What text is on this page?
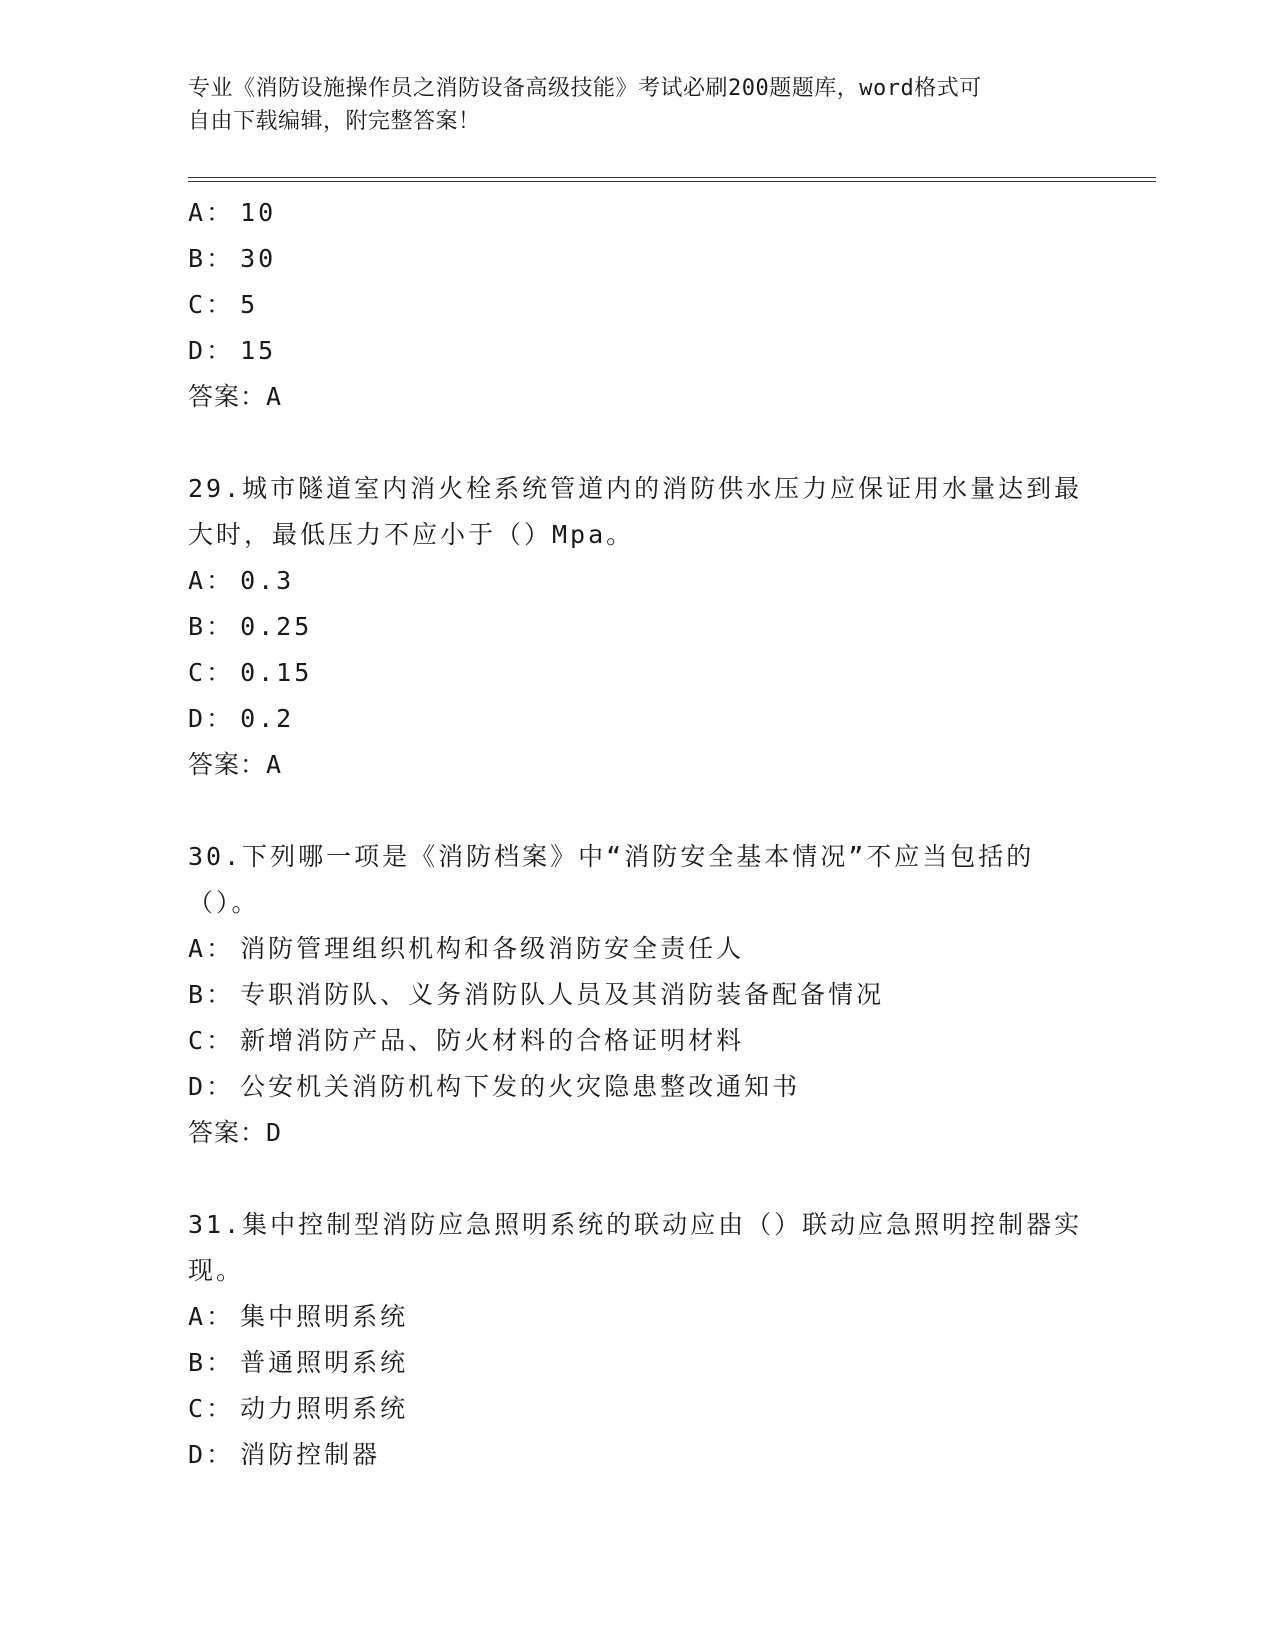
专业《消防设施操作员之消防设备高级技能》考试必刷200题题库，word格式可
自由下载编辑，附完整答案！
A： 10
B： 30
C： 5
D： 15
答案：A
29.城市隧道室内消火栓系统管道内的消防供水压力应保证用水量达到最大时，最低压力不应小于（）Mpa。
A： 0.3
B： 0.25
C： 0.15
D： 0.2
答案：A
30.下列哪一项是《消防档案》中“消防安全基本情况”不应当包括的（）。
A： 消防管理组织机构和各级消防安全责任人
B： 专职消防队、义务消防队人员及其消防装备配备情况
C： 新增消防产品、防火材料的合格证明材料
D： 公安机关消防机构下发的火灾隐患整改通知书
答案：D
31.集中控制型消防应急照明系统的联动应由（）联动应急照明控制器实现。
A： 集中照明系统
B： 普通照明系统
C： 动力照明系统
D： 消防控制器
